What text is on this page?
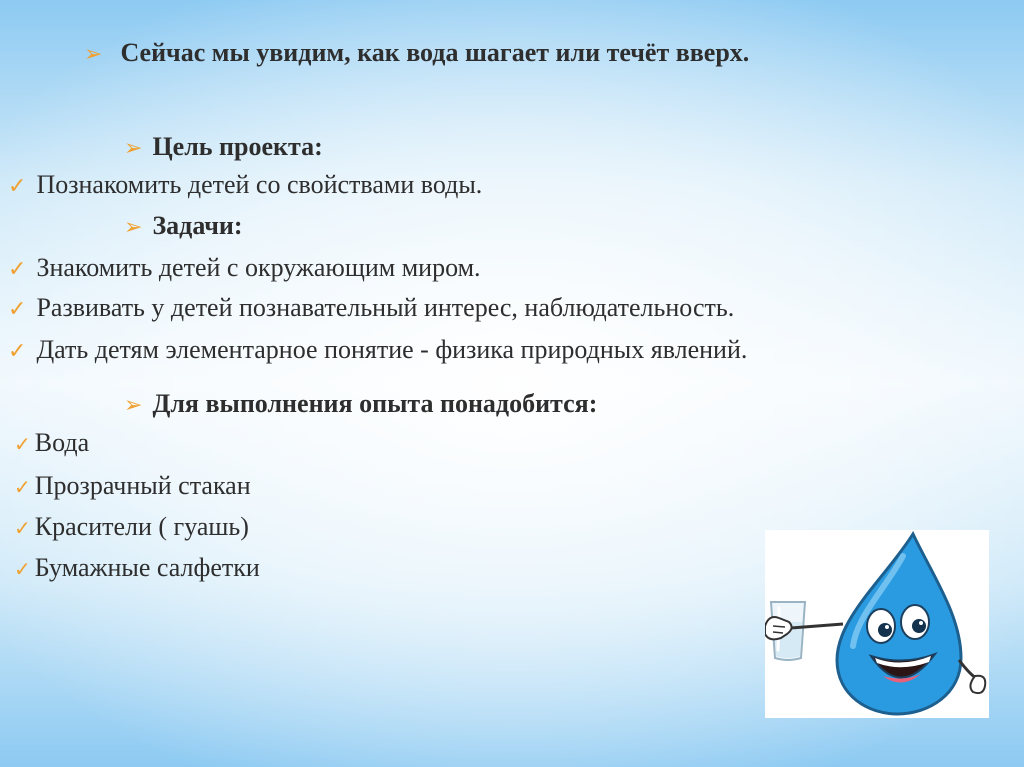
➢ Сейчас мы увидим, как вода шагает или течёт вверх.
➢ Цель проекта:
✓ Познакомить детей со свойствами воды.
➢ Задачи:
✓ Знакомить детей с окружающим миром.
✓ Развивать у детей познавательный интерес, наблюдательность.
✓ Дать детям элементарное понятие - физика природных явлений.
➢ Для выполнения опыта понадобится:
✓ Вода
✓ Прозрачный стакан
✓ Красители ( гуашь)
✓ Бумажные салфетки
